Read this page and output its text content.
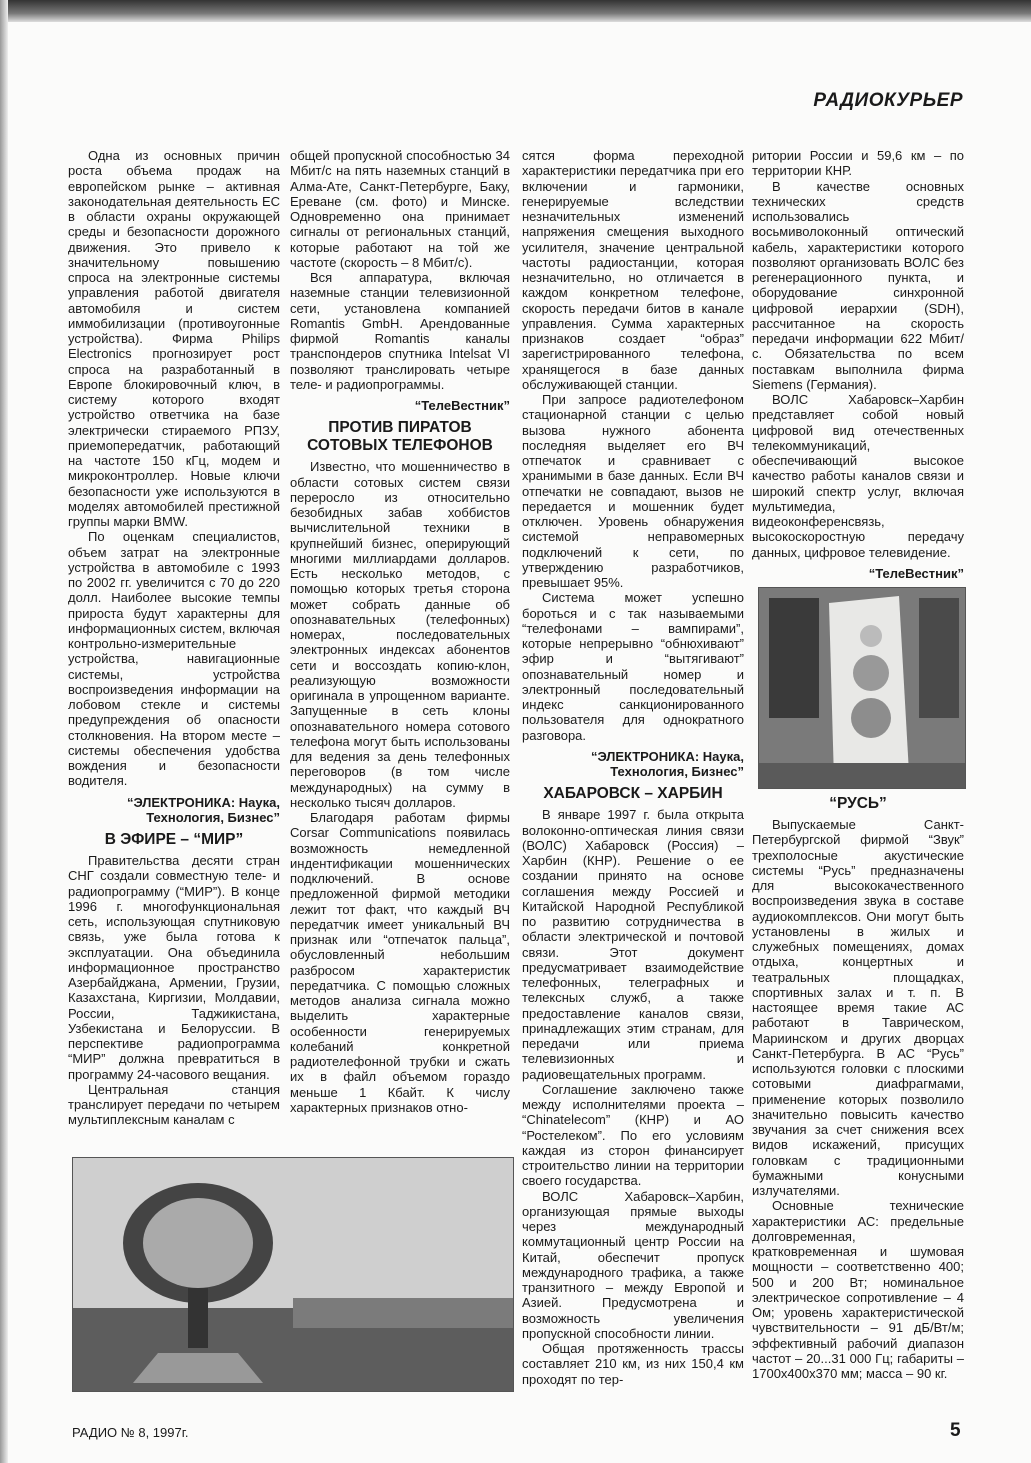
РАДИОКУРЬЕР

Одна из основных причин роста объема продаж на европейском рынке – активная законодательная деятельность ЕС в области охраны окружающей среды и безопасности дорожного движения. Это привело к значительному повышению спроса на электронные системы управления работой двигателя автомобиля и систем иммобилизации (противоугонные устройства). Фирма Philips Electronics прогнозирует рост спроса на разработанный в Европе блокировочный ключ, в систему которого входят устройство ответчика на базе электрически стираемого РПЗУ, приемопередатчик, работающий на частоте 150 кГц, модем и микроконтроллер. Новые ключи безопасности уже используются в моделях автомобилей престижной группы марки BMW.

По оценкам специалистов, объем затрат на электронные устройства в автомобиле с 1993 по 2002 гг. увеличится с 70 до 220 долл. Наиболее высокие темпы прироста будут характерны для информационных систем, включая контрольно-измерительные устройства, навигационные системы, устройства воспроизведения информации на лобовом стекле и системы предупреждения об опасности столкновения. На втором месте – системы обеспечения удобства вождения и безопасности водителя.

“ЭЛЕКТРОНИКА: Наука, Технология, Бизнес”
В ЭФИРЕ – “МИР”

Правительства десяти стран СНГ создали совместную теле- и радиопрограмму (“МИР”). В конце 1996 г. многофункциональная сеть, использующая спутниковую связь, уже была готова к эксплуатации. Она объединила информационное пространство Азербайджана, Армении, Грузии, Казахстана, Киргизии, Молдавии, России, Таджикистана, Узбекистана и Белоруссии. В перспективе радиопрограмма “МИР” должна превратиться в программу 24-часового вещания.

Центральная станция транслирует передачи по четырем мультиплексным каналам с

общей пропускной способностью 34 Мбит/с на пять наземных станций в Алма-Ате, Санкт-Петербурге, Баку, Ереване (см. фото) и Минске. Одновременно она принимает сигналы от региональных станций, которые работают на той же частоте (скорость – 8 Мбит/с).

Вся аппаратура, включая наземные станции телевизионной сети, установлена компанией Romantis GmbH. Арендованные фирмой Romantis каналы транспондеров спутника Intelsat VI позволяют транслировать четыре теле- и радиопрограммы.

“ТелеВестник”
ПРОТИВ ПИРАТОВ СОТОВЫХ ТЕЛЕФОНОВ

Известно, что мошенничество в области сотовых систем связи переросло из относительно безобидных забав хоббистов вычислительной техники в крупнейший бизнес, оперирующий многими миллиардами долларов. Есть несколько методов, с помощью которых третья сторона может собрать данные об опознавательных (телефонных) номерах, последовательных электронных индексах абонентов сети и воссоздать копию-клон, реализующую возможности оригинала в упрощенном варианте. Запущенные в сеть клоны опознавательного номера сотового телефона могут быть использованы для ведения за день телефонных переговоров (в том числе международных) на сумму в несколько тысяч долларов.

Благодаря работам фирмы Corsar Communications появилась возможность немедленной индентификации мошеннических подключений. В основе предложенной фирмой методики лежит тот факт, что каждый ВЧ передатчик имеет уникальный ВЧ признак или “отпечаток пальца”, обусловленный небольшим разбросом характеристик передатчика. С помощью сложных методов анализа сигнала можно выделить характерные особенности генерируемых колебаний конкретной радиотелефонной трубки и сжать их в файл объемом гораздо меньше 1 Кбайт. К числу характерных признаков отно-

сятся форма переходной характеристики передатчика при его включении и гармоники, генерируемые вследствии незначительных изменений напряжения смещения выходного усилителя, значение центральной частоты радиостанции, которая незначительно, но отличается в каждом конкретном телефоне, скорость передачи битов в канале управления. Сумма характерных признаков создает “образ” зарегистрированного телефона, хранящегося в базе данных обслуживающей станции.

При запросе радиотелефоном стационарной станции с целью вызова нужного абонента последняя выделяет его ВЧ отпечаток и сравнивает с хранимыми в базе данных. Если ВЧ отпечатки не совпадают, вызов не передается и мошенник будет отключен. Уровень обнаружения системой неправомерных подключений к сети, по утверждению разработчиков, превышает 95%.

Система может успешно бороться и с так называемыми “телефонами – вампирами”, которые непрерывно “обнюхивают” эфир и “вытягивают” опознавательный номер и электронный последовательный индекс санкционированного пользователя для однократного разговора.

“ЭЛЕКТРОНИКА: Наука, Технология, Бизнес”
ХАБАРОВСК – ХАРБИН

В январе 1997 г. была открыта волоконно-оптическая линия связи (ВОЛС) Хабаровск (Россия) – Харбин (КНР). Решение о ее создании принято на основе соглашения между Россией и Китайской Народной Республикой по развитию сотрудничества в области электрической и почтовой связи. Этот документ предусматривает взаимодействие телефонных, телеграфных и телексных служб, а также предоставление каналов связи, принадлежащих этим странам, для передачи или приема телевизионных и радиовещательных программ.

Соглашение заключено также между исполнителями проекта – “Chinatelecom” (КНР) и АО “Ростелеком”. По его условиям каждая из сторон финансирует строительство линии на территории своего государства.

ВОЛС Хабаровск–Харбин, организующая прямые выходы через международный коммутационный центр России на Китай, обеспечит пропуск международного трафика, а также транзитного – между Европой и Азией. Предусмотрена и возможность увеличения пропускной способности линии.

Общая протяженность трассы составляет 210 км, из них 150,4 км проходят по тер-

ритории России и 59,6 км – по территории КНР.

В качестве основных технических средств использовались восьмиволоконный оптический кабель, характеристики которого позволяют организовать ВОЛС без регенерационного пункта, и оборудование синхронной цифровой иерархии (SDH), рассчитанное на скорость передачи информации 622 Мбит/с. Обязательства по всем поставкам выполнила фирма Siemens (Германия).

ВОЛС Хабаровск–Харбин представляет собой новый цифровой вид отечественных телекоммуникаций, обеспечивающий высокое качество работы каналов связи и широкий спектр услуг, включая мультимедиа, видеоконференсвязь, высокоскоростную передачу данных, цифровое телевидение.

“ТелеВестник”
“РУСЬ”

Выпускаемые Санкт-Петербургской фирмой “Звук” трехполосные акустические системы “Русь” предназначены для высококачественного воспроизведения звука в составе аудиокомплексов. Они могут быть установлены в жилых и служебных помещениях, домах отдыха, концертных и театральных площадках, спортивных залах и т. п. В настоящее время такие АС работают в Таврическом, Мариинском и других дворцах Санкт-Петербурга. В АС “Русь” используются головки с плоскими сотовыми диафрагмами, применение которых позволило значительно повысить качество звучания за счет снижения всех видов искажений, присущих головкам с традиционными бумажными конусными излучателями.

Основные технические характеристики АС: предельные долговременная, кратковременная и шумовая мощности – соответственно 400; 500 и 200 Вт; номинальное электрическое сопротивление – 4 Ом; уровень характеристической чувствительности – 91 дБ/Вт/м; эффективный рабочий диапазон частот – 20...31 000 Гц; габариты – 1700x400x370 мм; масса – 90 кг.

РАДИО № 8, 1997г.	5
